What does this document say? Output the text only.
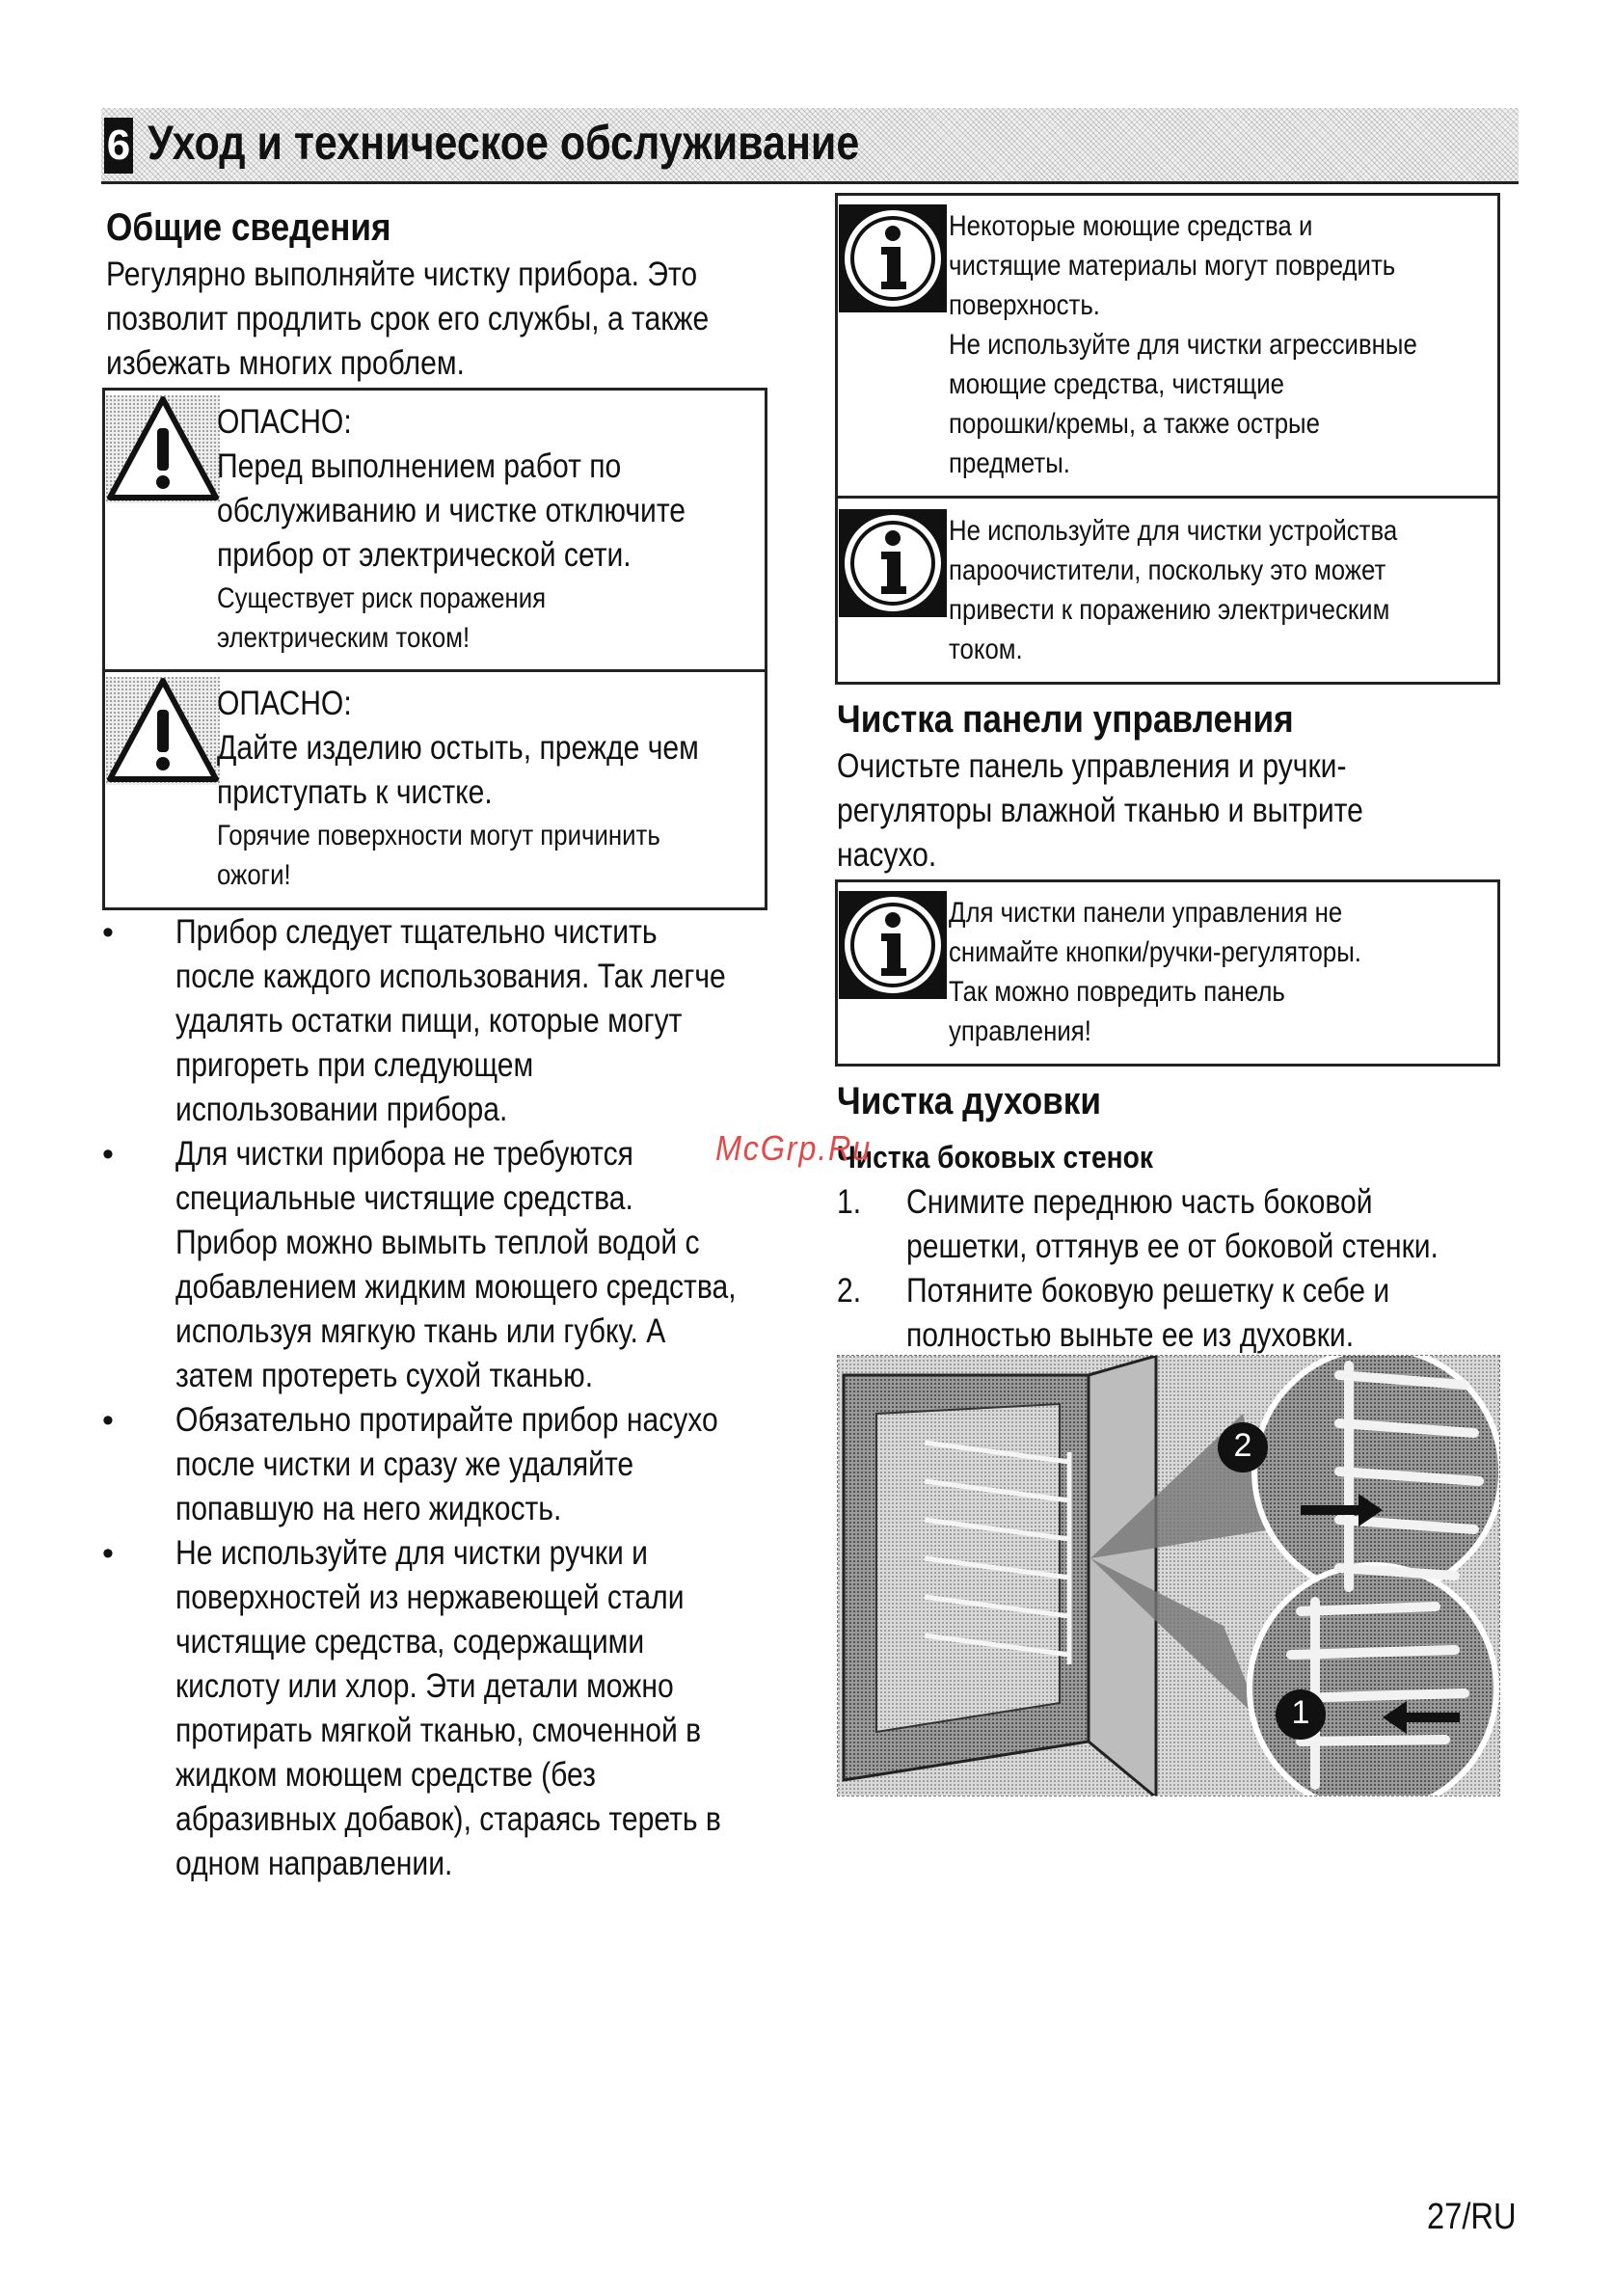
6 Уход и техническое обслуживание
Общие сведения
Регулярно выполняйте чистку прибора. Это
позволит продлить срок его службы, а также
избежать многих проблем.
ОПАСНО:
Перед выполнением работ по
обслуживанию и чистке отключите
прибор от электрической сети.
Существует риск поражения
электрическим током!
ОПАСНО:
Дайте изделию остыть, прежде чем
приступать к чистке.
Горячие поверхности могут причинить
ожоги!
• Прибор следует тщательно чистить
после каждого использования. Так легче
удалять остатки пищи, которые могут
пригореть при следующем
использовании прибора.
• Для чистки прибора не требуются
специальные чистящие средства.
Прибор можно вымыть теплой водой с
добавлением жидким моющего средства,
используя мягкую ткань или губку. А
затем протереть сухой тканью.
• Обязательно протирайте прибор насухо
после чистки и сразу же удаляйте
попавшую на него жидкость.
• Не используйте для чистки ручки и
поверхностей из нержавеющей стали
чистящие средства, содержащими
кислоту или хлор. Эти детали можно
протирать мягкой тканью, смоченной в
жидком моющем средстве (без
абразивных добавок), стараясь тереть в
одном направлении.
Некоторые моющие средства и
чистящие материалы могут повредить
поверхность.
Не используйте для чистки агрессивные
моющие средства, чистящие
порошки/кремы, а также острые
предметы.
Не используйте для чистки устройства
пароочистители, поскольку это может
привести к поражению электрическим
током.
Чистка панели управления
Очистьте панель управления и ручки-
регуляторы влажной тканью и вытрите
насухо.
Для чистки панели управления не
снимайте кнопки/ручки-регуляторы.
Так можно повредить панель
управления!
Чистка духовки
Чистка боковых стенок
1. Снимите переднюю часть боковой
решетки, оттянув ее от боковой стенки.
2. Потяните боковую решетку к себе и
полностью выньте ее из духовки.
2
1
McGrp.Ru
27/RU
